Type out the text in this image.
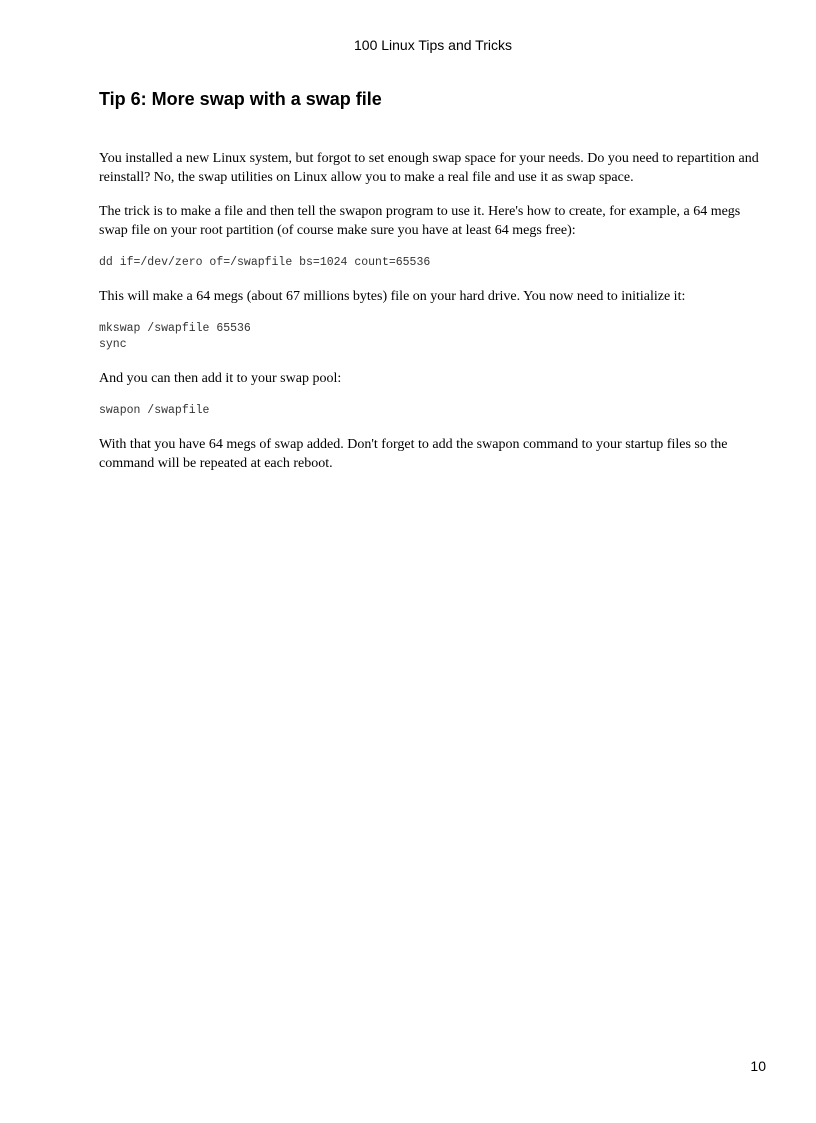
100 Linux Tips and Tricks
Tip 6: More swap with a swap file

You installed a new Linux system, but forgot to set enough swap space for your needs. Do you need to repartition and reinstall? No, the swap utilities on Linux allow you to make a real file and use it as swap space.

The trick is to make a file and then tell the swapon program to use it. Here's how to create, for example, a 64 megs swap file on your root partition (of course make sure you have at least 64 megs free):

dd if=/dev/zero of=/swapfile bs=1024 count=65536

This will make a 64 megs (about 67 millions bytes) file on your hard drive. You now need to initialize it:

mkswap /swapfile 65536
sync

And you can then add it to your swap pool:

swapon /swapfile

With that you have 64 megs of swap added. Don't forget to add the swapon command to your startup files so the command will be repeated at each reboot.

10
